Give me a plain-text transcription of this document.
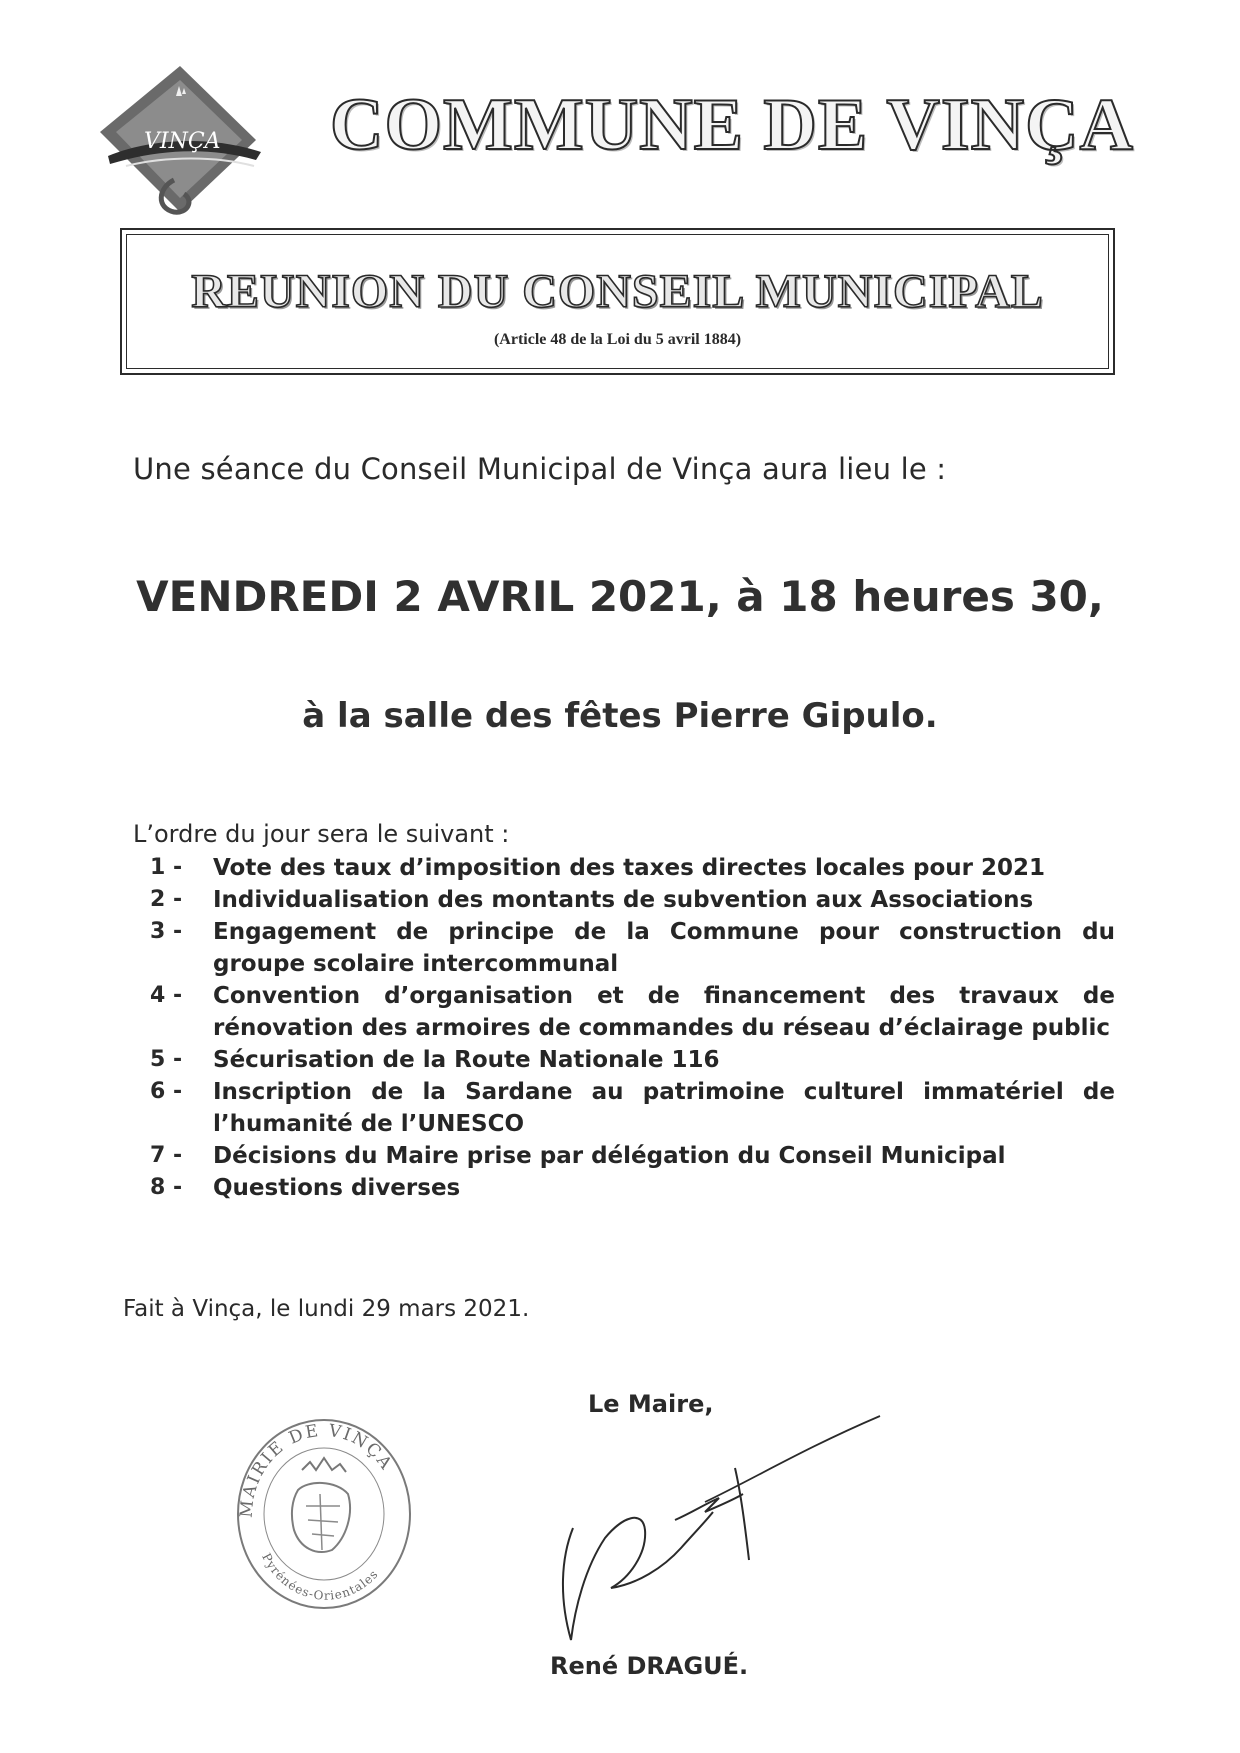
VINÇA COMMUNE DE VINÇA
REUNION DU CONSEIL MUNICIPAL
(Article 48 de la Loi du 5 avril 1884)
Une séance du Conseil Municipal de Vinça aura lieu le :
VENDREDI 2 AVRIL 2021, à 18 heures 30,
à la salle des fêtes Pierre Gipulo.
L’ordre du jour sera le suivant :
1 -	Vote des taux d’imposition des taxes directes locales pour 2021
2 -	Individualisation des montants de subvention aux Associations
3 -	Engagement de principe de la Commune pour construction du groupe scolaire intercommunal
4 -	Convention d’organisation et de financement des travaux de rénovation des armoires de commandes du réseau d’éclairage public
5 -	Sécurisation de la Route Nationale 116
6 -	Inscription de la Sardane au patrimoine culturel immatériel de l’humanité de l’UNESCO
7 -	Décisions du Maire prise par délégation du Conseil Municipal
8 -	Questions diverses
Fait à Vinça, le lundi 29 mars 2021.
Le Maire,
MAIRIE DE VINÇA
Pyrénées-Orientales
René DRAGUÉ.
